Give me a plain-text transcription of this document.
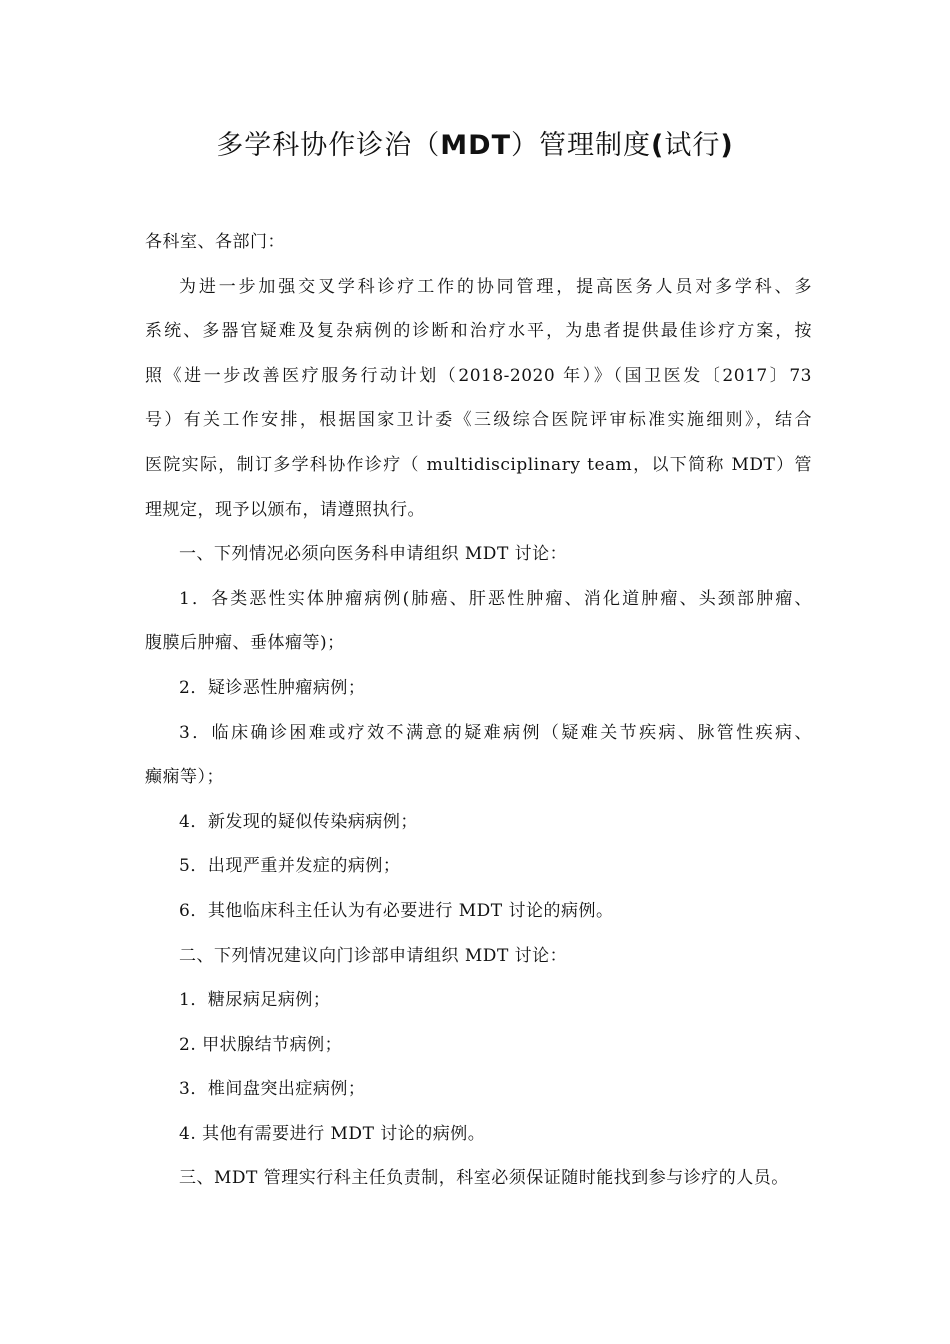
多学科协作诊治（MDT）管理制度(试行)
各科室、各部门：
为进一步加强交叉学科诊疗工作的协同管理，提高医务人员对多学科、多
系统、多器官疑难及复杂病例的诊断和治疗水平，为患者提供最佳诊疗方案，按
照《进一步改善医疗服务行动计划（2018-2020 年）》（国卫医发〔2017〕73
号）有关工作安排，根据国家卫计委《三级综合医院评审标准实施细则》，结合
医院实际，制订多学科协作诊疗（ multidisciplinary team，以下简称 MDT）管
理规定，现予以颁布，请遵照执行。
一、下列情况必须向医务科申请组织 MDT 讨论：
1．各类恶性实体肿瘤病例(肺癌、肝恶性肿瘤、消化道肿瘤、头颈部肿瘤、
腹膜后肿瘤、垂体瘤等)；
2．疑诊恶性肿瘤病例；
3．临床确诊困难或疗效不满意的疑难病例（疑难关节疾病、脉管性疾病、
癫痫等）；
4．新发现的疑似传染病病例；
5．出现严重并发症的病例；
6．其他临床科主任认为有必要进行 MDT 讨论的病例。
二、下列情况建议向门诊部申请组织 MDT 讨论：
1．糖尿病足病例；
2. 甲状腺结节病例；
3．椎间盘突出症病例；
4. 其他有需要进行 MDT 讨论的病例。
三、MDT 管理实行科主任负责制，科室必须保证随时能找到参与诊疗的人员。
